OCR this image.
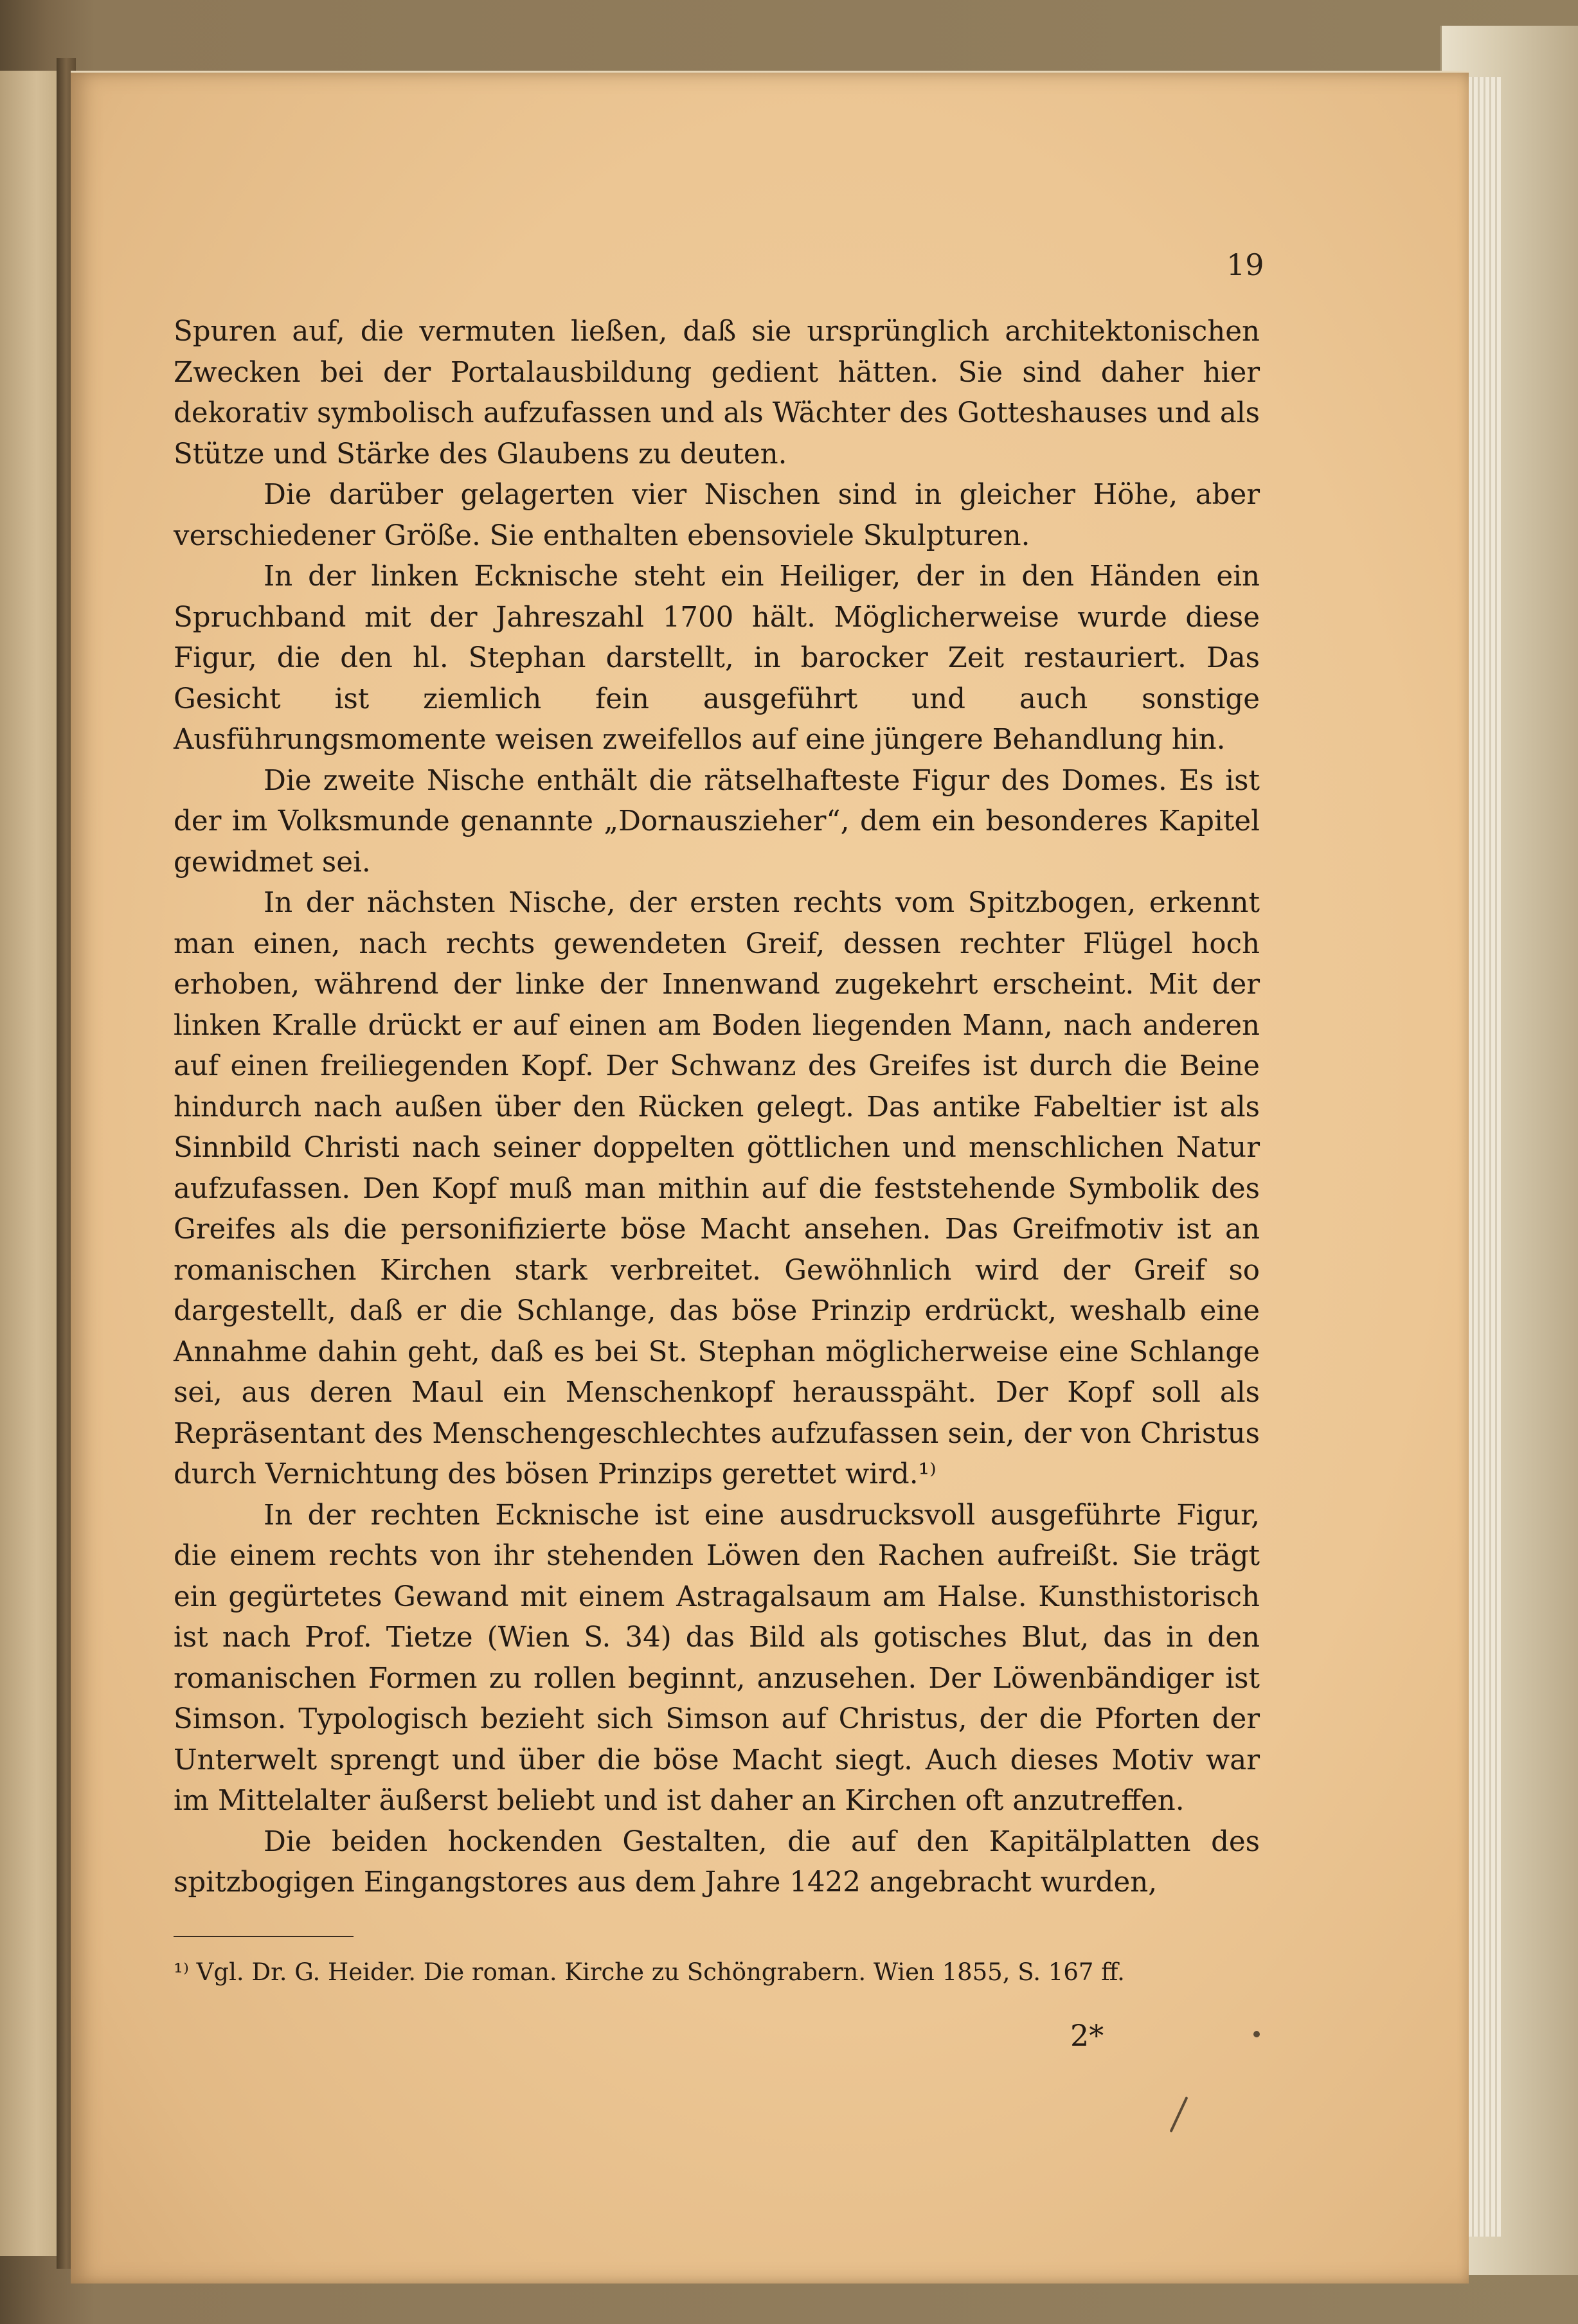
19

Spuren auf, die vermuten ließen, daß sie ursprünglich architektonischen Zwecken bei der Portalausbildung gedient hätten. Sie sind daher hier dekorativ symbolisch aufzufassen und als Wächter des Gotteshauses und als Stütze und Stärke des Glaubens zu deuten.

Die darüber gelagerten vier Nischen sind in gleicher Höhe, aber verschiedener Größe. Sie enthalten ebensoviele Skulpturen.

In der linken Ecknische steht ein Heiliger, der in den Händen ein Spruchband mit der Jahreszahl 1700 hält. Möglicherweise wurde diese Figur, die den hl. Stephan darstellt, in barocker Zeit restauriert. Das Gesicht ist ziemlich fein ausgeführt und auch sonstige Ausführungsmomente weisen zweifellos auf eine jüngere Behandlung hin.

Die zweite Nische enthält die rätselhafteste Figur des Domes. Es ist der im Volksmunde genannte „Dornauszieher“, dem ein besonderes Kapitel gewidmet sei.

In der nächsten Nische, der ersten rechts vom Spitzbogen, erkennt man einen, nach rechts gewendeten Greif, dessen rechter Flügel hoch erhoben, während der linke der Innenwand zugekehrt erscheint. Mit der linken Kralle drückt er auf einen am Boden liegenden Mann, nach anderen auf einen freiliegenden Kopf. Der Schwanz des Greifes ist durch die Beine hindurch nach außen über den Rücken gelegt. Das antike Fabeltier ist als Sinnbild Christi nach seiner doppelten göttlichen und menschlichen Natur aufzufassen. Den Kopf muß man mithin auf die feststehende Symbolik des Greifes als die personifizierte böse Macht ansehen. Das Greifmotiv ist an romanischen Kirchen stark verbreitet. Gewöhnlich wird der Greif so dargestellt, daß er die Schlange, das böse Prinzip erdrückt, weshalb eine Annahme dahin geht, daß es bei St. Stephan möglicherweise eine Schlange sei, aus deren Maul ein Menschenkopf herausspäht. Der Kopf soll als Repräsentant des Menschengeschlechtes aufzufassen sein, der von Christus durch Vernichtung des bösen Prinzips gerettet wird.¹⁾

In der rechten Ecknische ist eine ausdrucksvoll ausgeführte Figur, die einem rechts von ihr stehenden Löwen den Rachen aufreißt. Sie trägt ein gegürtetes Gewand mit einem Astragalsaum am Halse. Kunsthistorisch ist nach Prof. Tietze (Wien S. 34) das Bild als gotisches Blut, das in den romanischen Formen zu rollen beginnt, anzusehen. Der Löwenbändiger ist Simson. Typologisch bezieht sich Simson auf Christus, der die Pforten der Unterwelt sprengt und über die böse Macht siegt. Auch dieses Motiv war im Mittelalter äußerst beliebt und ist daher an Kirchen oft anzutreffen.

Die beiden hockenden Gestalten, die auf den Kapitälplatten des spitzbogigen Eingangstores aus dem Jahre 1422 angebracht wurden,

¹⁾ Vgl. Dr. G. Heider. Die roman. Kirche zu Schöngrabern. Wien 1855, S. 167 ff.
2*
